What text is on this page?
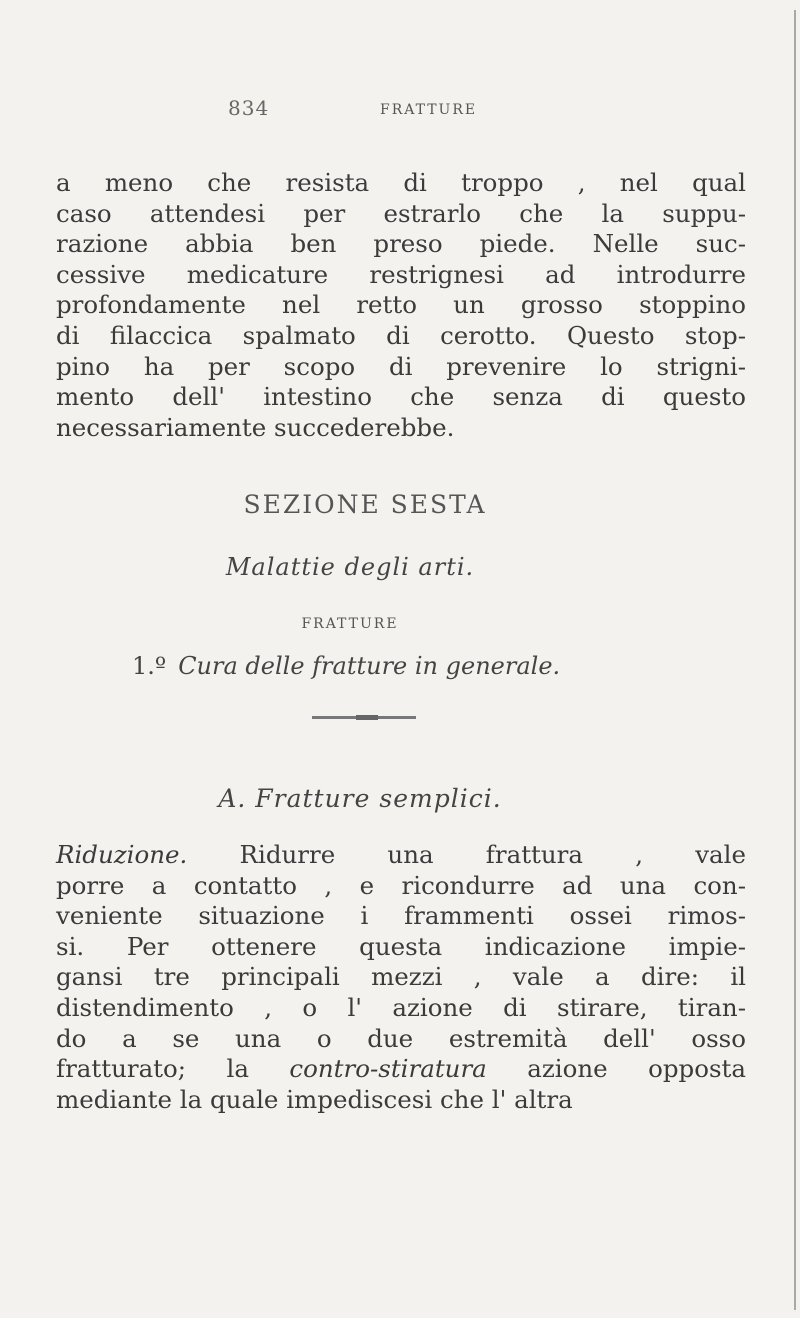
834	FRATTURE
a meno che resista di troppo , nel qual
caso attendesi per estrarlo che la suppu-
razione abbia ben preso piede. Nelle suc-
cessive medicature restrignesi ad introdurre
profondamente nel retto un grosso stoppino
di filaccica spalmato di cerotto. Questo stop-
pino ha per scopo di prevenire lo strigni-
mento dell' intestino che senza di questo
necessariamente succederebbe.
SEZIONE SESTA
Malattie degli arti.
FRATTURE
1.º Cura delle fratture in generale.
A. Fratture semplici.
Riduzione. Ridurre una frattura , vale
porre a contatto , e ricondurre ad una con-
veniente situazione i frammenti ossei rimos-
si. Per ottenere questa indicazione impie-
gansi tre principali mezzi , vale a dire: il
distendimento , o l' azione di stirare, tiran-
do a se una o due estremità dell' osso
fratturato; la contro-stiratura azione opposta
mediante la quale impediscesi che l' altra
